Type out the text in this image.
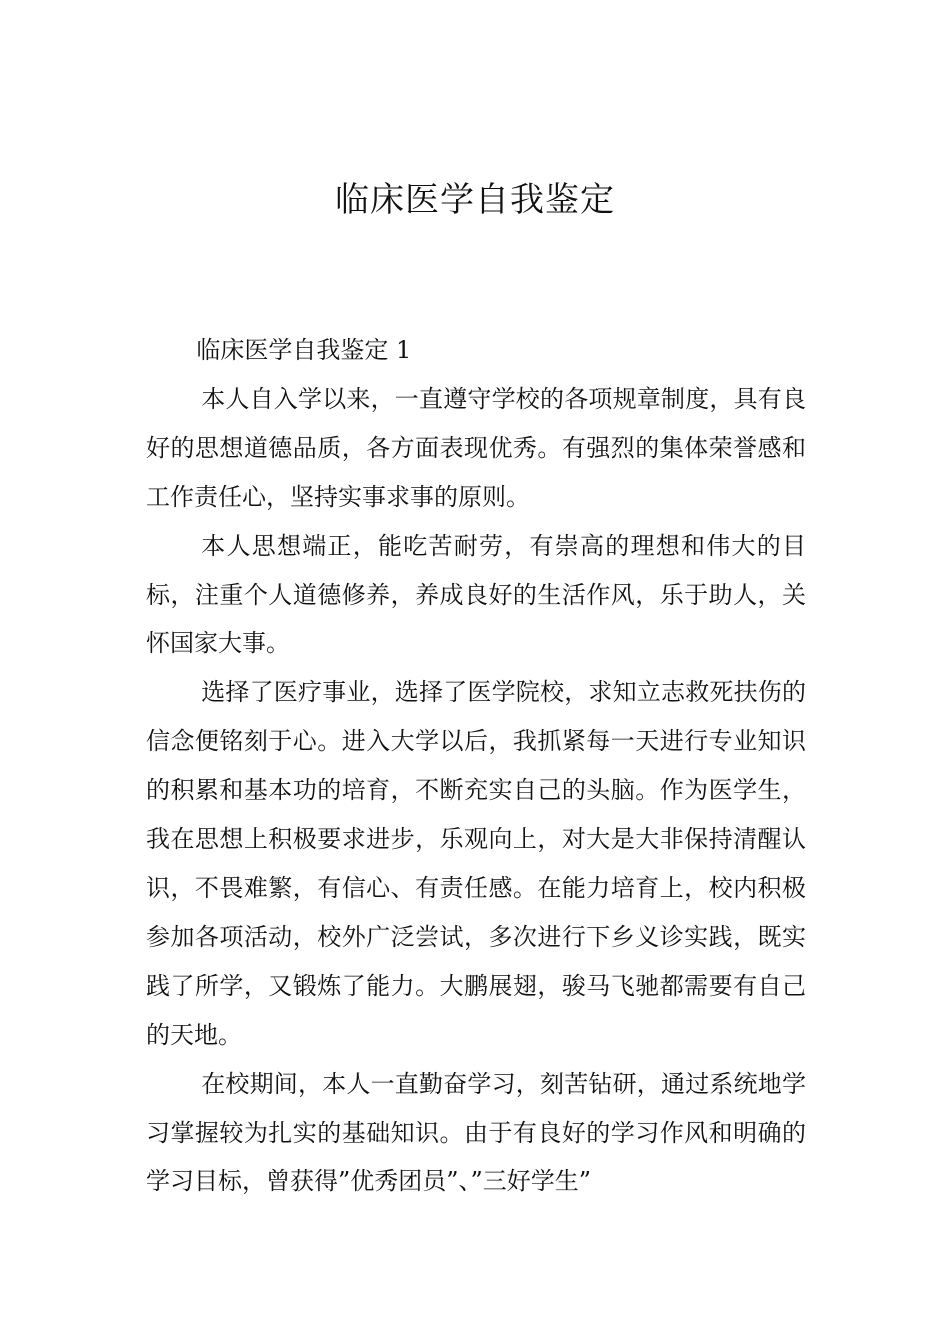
临床医学自我鉴定

临床医学自我鉴定 1

本人自入学以来，一直遵守学校的各项规章制度，具有良好的思想道德品质，各方面表现优秀。有强烈的集体荣誉感和工作责任心，坚持实事求事的原则。

本人思想端正，能吃苦耐劳，有崇高的理想和伟大的目标，注重个人道德修养，养成良好的生活作风，乐于助人，关怀国家大事。

选择了医疗事业，选择了医学院校，求知立志救死扶伤的信念便铭刻于心。进入大学以后，我抓紧每一天进行专业知识的积累和基本功的培育，不断充实自己的头脑。作为医学生，我在思想上积极要求进步，乐观向上，对大是大非保持清醒认识，不畏难繁，有信心、有责任感。在能力培育上，校内积极参加各项活动，校外广泛尝试，多次进行下乡义诊实践，既实践了所学，又锻炼了能力。大鹏展翅，骏马飞驰都需要有自己的天地。

在校期间，本人一直勤奋学习，刻苦钻研，通过系统地学习掌握较为扎实的基础知识。由于有良好的学习作风和明确的学习目标，曾获得”优秀团员”、”三好学生”
